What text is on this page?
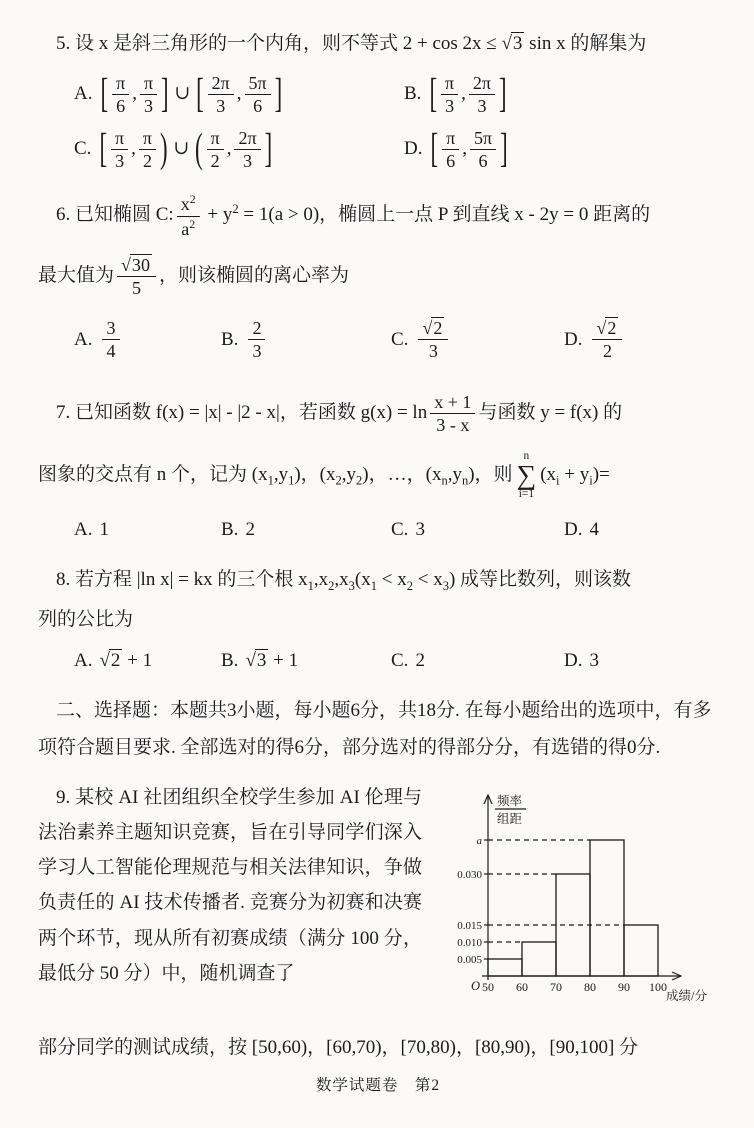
5. 设 x 是斜三角形的一个内角，则不等式 2 + cos 2x ≤ √ 3 sin x 的解集为
A. [ $\frac{\pi}{6}$ , $\frac{\pi}{3}$ ] ∪ [ $\frac{2\pi}{3}$ , $\frac{5\pi}{6}$ ]	B. [ $\frac{\pi}{3}$ , $\frac{2\pi}{3}$ ]
C. [ $\frac{\pi}{3}$ , $\frac{\pi}{2}$ ) ∪ ( $\frac{\pi}{2}$ , $\frac{2\pi}{3}$ ]	D. [ $\frac{\pi}{6}$ , $\frac{5\pi}{6}$ ]
6. 已知椭圆 C: $\frac{x^2}{a^2} + y^2 = 1(a > 0)$，椭圆上一点 P 到直线 x - 2y = 0 距离的
最大值为 $\frac{√ 30}{5}$ ，则该椭圆的离心率为
A. $\frac{3}{4}$	B. $\frac{2}{3}$	C. $\frac{√ 2}{3}$	D. $\frac{√ 2}{2}$
7. 已知函数 f(x) = |x| - |2 - x|，若函数 $g(x) = \ln \frac{x + 1}{3 - x}$ 与函数 y = f(x) 的
图象的交点有 n 个，记为 $(x_1,y_1)$，$(x_2,y_2)$，…，$(x_n,y_n)$，则
n
∑
i=1
$(x_i + y_i)=$
A. 1	B. 2	C. 3	D. 4
8. 若方程 |ln x| = kx 的三个根 $x_1,x_2,x_3(x_1 < x_2 < x_3)$ 成等比数列，则该数
列的公比为
A. √ 2 + 1	B. √ 3 + 1	C. 2	D. 3
二、选择题：本题共3小题，每小题6分，共18分. 在每小题给出的选项中，有多
项符合题目要求. 全部选对的得6分，部分选对的得部分分，有选错的得0分.
9. 某校 AI 社团组织全校学生参加 AI 伦理与法治素养主题知识竞赛，旨在引导同学们深入学习人工智能伦理规范与相关法律知识，争做负责任的 AI 技术传播者. 竞赛分为初赛和决赛两个环节，现从所有初赛成绩（满分 100 分，最低分 50 分）中，随机调查了
0.005
0.010
0.015
0.030
a
50 60 70 80 90 100
O
成绩/分
频率
组距
部分同学的测试成绩，按 [50,60)，[60,70)，[70,80)，[80,90)，[90,100] 分
数学试题卷　第2
